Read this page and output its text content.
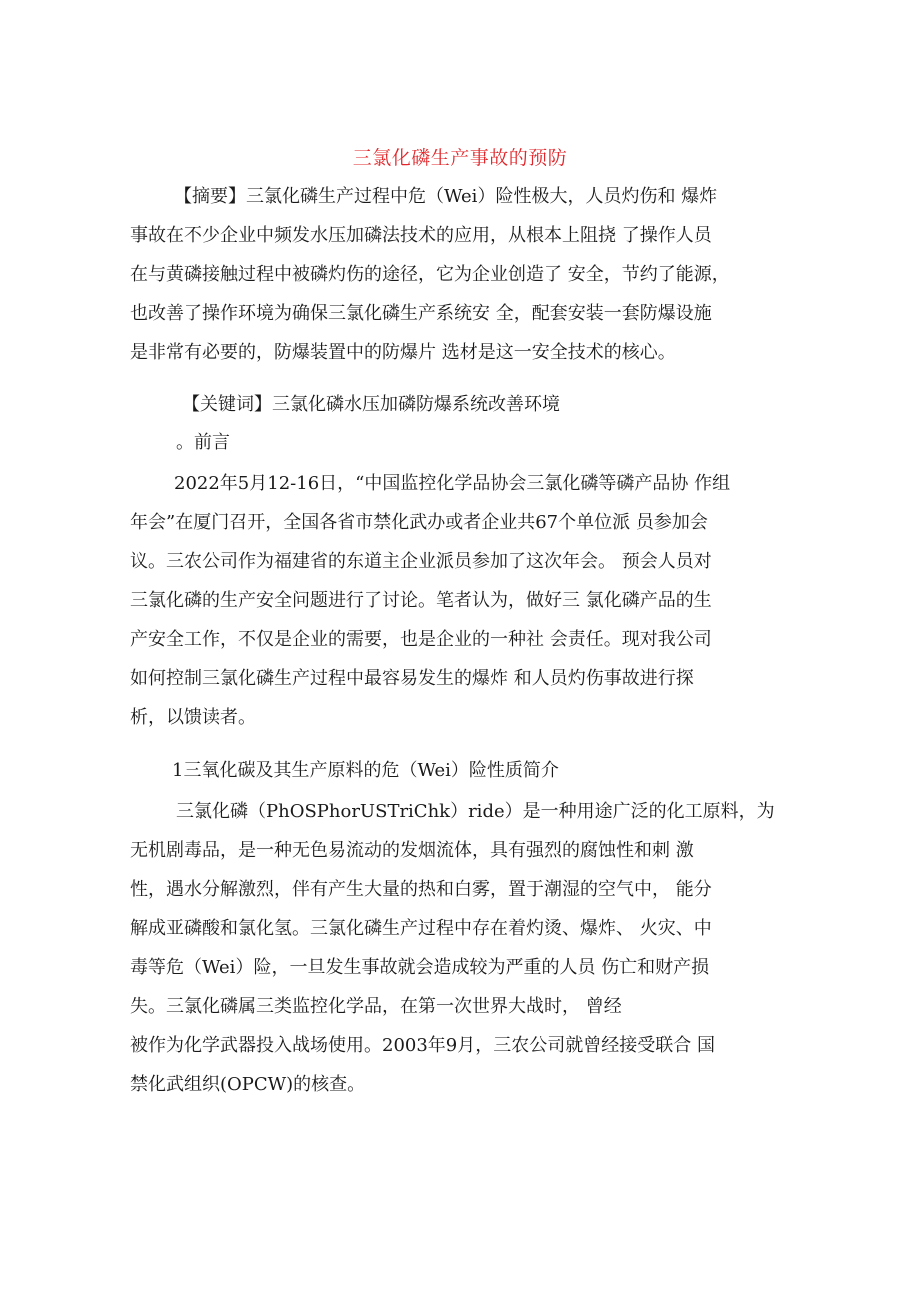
三氯化磷生产事故的预防
【摘要】三氯化磷生产过程中危（Wei）险性极大，人员灼伤和 爆炸
事故在不少企业中频发水压加磷法技术的应用，从根本上阻挠 了操作人员
在与黄磷接触过程中被磷灼伤的途径，它为企业创造了 安全，节约了能源，
也改善了操作环境为确保三氯化磷生产系统安 全，配套安装一套防爆设施
是非常有必要的，防爆装置中的防爆片 选材是这一安全技术的核心。
【关键词】三氯化磷水压加磷防爆系统改善环境
。前言
2022年5月12-16日，“中国监控化学品协会三氯化磷等磷产品协 作组
年会”在厦门召开，全国各省市禁化武办或者企业共67个单位派 员参加会
议。三农公司作为福建省的东道主企业派员参加了这次年会。 预会人员对
三氯化磷的生产安全问题进行了讨论。笔者认为，做好三 氯化磷产品的生
产安全工作，不仅是企业的需要，也是企业的一种社 会责任。现对我公司
如何控制三氯化磷生产过程中最容易发生的爆炸 和人员灼伤事故进行探
析，以馈读者。
1三氧化碳及其生产原料的危（Wei）险性质简介
三氯化磷（PhOSPhorUSTriChk）ride）是一种用途广泛的化工原料，为
无机剧毒品，是一种无色易流动的发烟流体，具有强烈的腐蚀性和刺 激
性，遇水分解激烈，伴有产生大量的热和白雾，置于潮湿的空气中， 能分
解成亚磷酸和氯化氢。三氯化磷生产过程中存在着灼烫、爆炸、 火灾、中
毒等危（Wei）险，一旦发生事故就会造成较为严重的人员 伤亡和财产损
失。三氯化磷属三类监控化学品，在第一次世界大战时， 曾经
被作为化学武器投入战场使用。2003年9月，三农公司就曾经接受联合 国
禁化武组织(OPCW)的核查。
